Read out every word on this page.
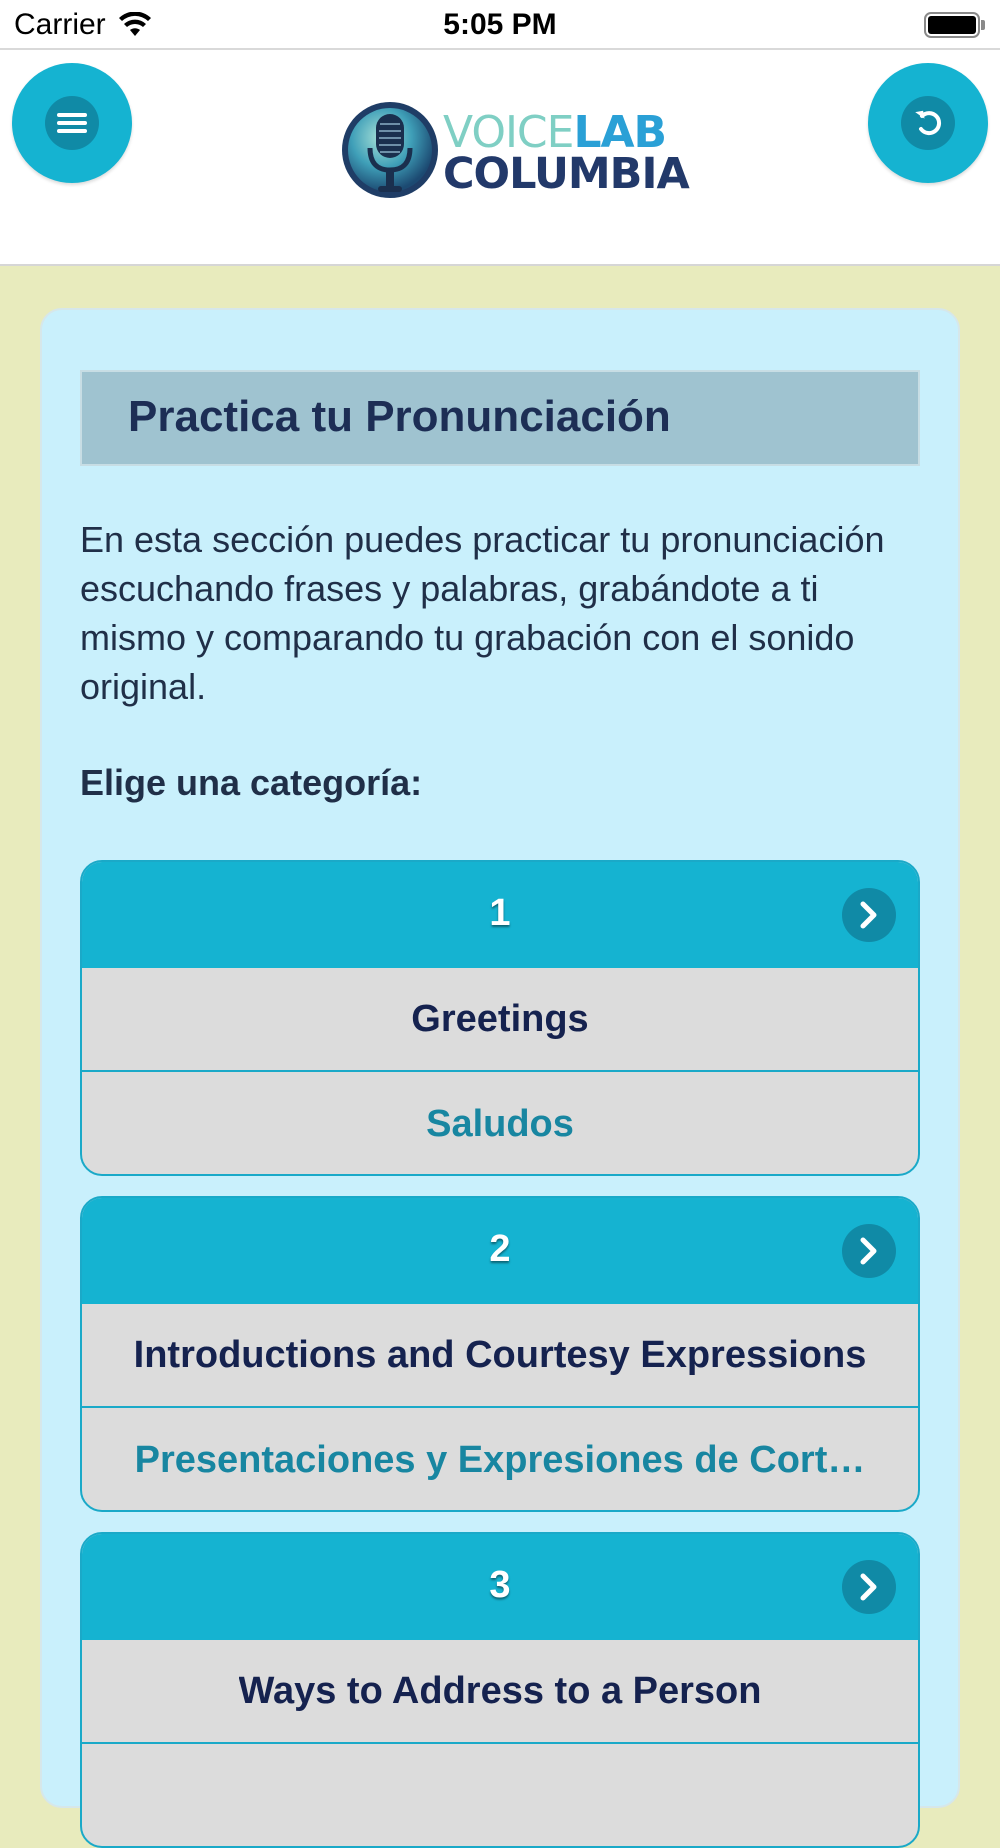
Carrier	5:05 PM
VOICELAB
COLUMBIA
Practica tu Pronunciación
En esta sección puedes practicar tu pronunciación escuchando frases y palabras, grabándote a ti mismo y comparando tu grabación con el sonido original.
Elige una categoría:
1
Greetings
Saludos
2
Introductions and Courtesy Expressions
Presentaciones y Expresiones de Cort…
3
Ways to Address to a Person
